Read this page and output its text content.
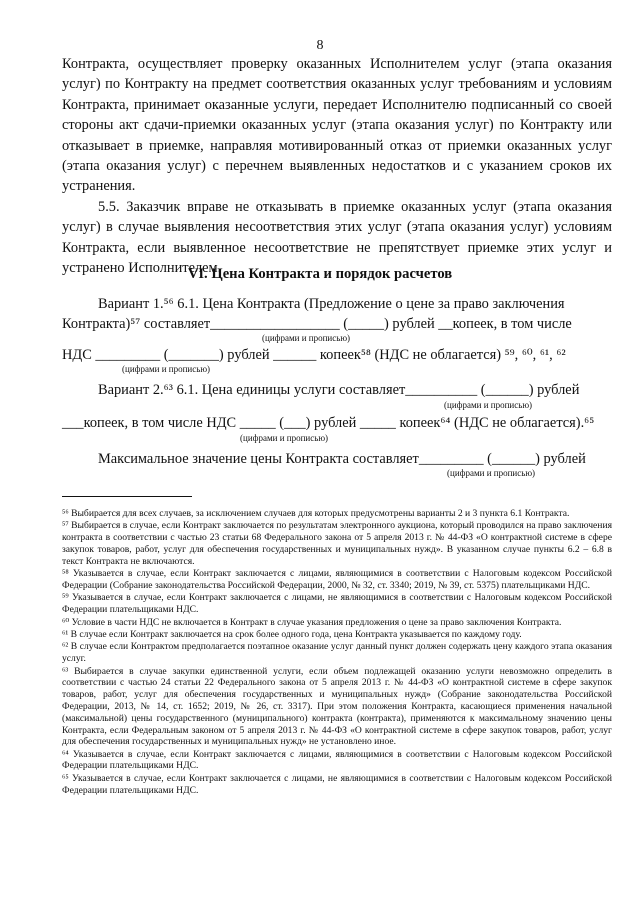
8

Контракта, осуществляет проверку оказанных Исполнителем услуг (этапа оказания услуг) по Контракту на предмет соответствия оказанных услуг требованиям и условиям Контракта, принимает оказанные услуги, передает Исполнителю подписанный со своей стороны акт сдачи-приемки оказанных услуг (этапа оказания услуг) по Контракту или отказывает в приемке, направляя мотивированный отказ от приемки оказанных услуг (этапа оказания услуг) с перечнем выявленных недостатков и с указанием сроков их устранения.

5.5. Заказчик вправе не отказывать в приемке оказанных услуг (этапа оказания услуг) в случае выявления несоответствия этих услуг (этапа оказания услуг) условиям Контракта, если выявленное несоответствие не препятствует приемке этих услуг и устранено Исполнителем.

VI. Цена Контракта и порядок расчетов
Вариант 1.⁵⁶ 6.1. Цена Контракта (Предложение о цене за право заключения
Контракта)⁵⁷ составляет__________________ (_____) рублей __копеек, в том числе
(цифрами и прописью)
НДС _________ (_______) рублей ______ копеек⁵⁸ (НДС не облагается) ⁵⁹, ⁶⁰, ⁶¹, ⁶²
(цифрами и прописью)
Вариант 2.⁶³ 6.1. Цена единицы услуги составляет__________ (______) рублей
(цифрами и прописью)
___копеек, в том числе НДС _____ (___) рублей _____ копеек⁶⁴ (НДС не облагается).⁶⁵
(цифрами и прописью)
Максимальное значение цены Контракта составляет_________ (______) рублей
(цифрами и прописью)

⁵⁶ Выбирается для всех случаев, за исключением случаев для которых предусмотрены варианты 2 и 3 пункта 6.1 Контракта.

⁵⁷ Выбирается в случае, если Контракт заключается по результатам электронного аукциона, который проводился на право заключения контракта в соответствии с частью 23 статьи 68 Федерального закона от 5 апреля 2013 г. № 44-ФЗ «О контрактной системе в сфере закупок товаров, работ, услуг для обеспечения государственных и муниципальных нужд». В указанном случае пункты 6.2 – 6.8 в текст Контракта не включаются.

⁵⁸ Указывается в случае, если Контракт заключается с лицами, являющимися в соответствии с Налоговым кодексом Российской Федерации (Собрание законодательства Российской Федерации, 2000, № 32, ст. 3340; 2019, № 39, ст. 5375) плательщиками НДС.

⁵⁹ Указывается в случае, если Контракт заключается с лицами, не являющимися в соответствии с Налоговым кодексом Российской Федерации плательщиками НДС.

⁶⁰ Условие в части НДС не включается в Контракт в случае указания предложения о цене за право заключения Контракта.

⁶¹ В случае если Контракт заключается на срок более одного года, цена Контракта указывается по каждому году.

⁶² В случае если Контрактом предполагается поэтапное оказание услуг данный пункт должен содержать цену каждого этапа оказания услуг.

⁶³ Выбирается в случае закупки единственной услуги, если объем подлежащей оказанию услуги невозможно определить в соответствии с частью 24 статьи 22 Федерального закона от 5 апреля 2013 г. № 44-ФЗ «О контрактной системе в сфере закупок товаров, работ, услуг для обеспечения государственных и муниципальных нужд» (Собрание законодательства Российской Федерации, 2013, № 14, ст. 1652; 2019, № 26, ст. 3317). При этом положения Контракта, касающиеся применения начальной (максимальной) цены государственного (муниципального) контракта (контракта), применяются к максимальному значению цены Контракта, если Федеральным законом от 5 апреля 2013 г. № 44-ФЗ «О контрактной системе в сфере закупок товаров, работ, услуг для обеспечения государственных и муниципальных нужд» не установлено иное.

⁶⁴ Указывается в случае, если Контракт заключается с лицами, являющимися в соответствии с Налоговым кодексом Российской Федерации плательщиками НДС.

⁶⁵ Указывается в случае, если Контракт заключается с лицами, не являющимися в соответствии с Налоговым кодексом Российской Федерации плательщиками НДС.
